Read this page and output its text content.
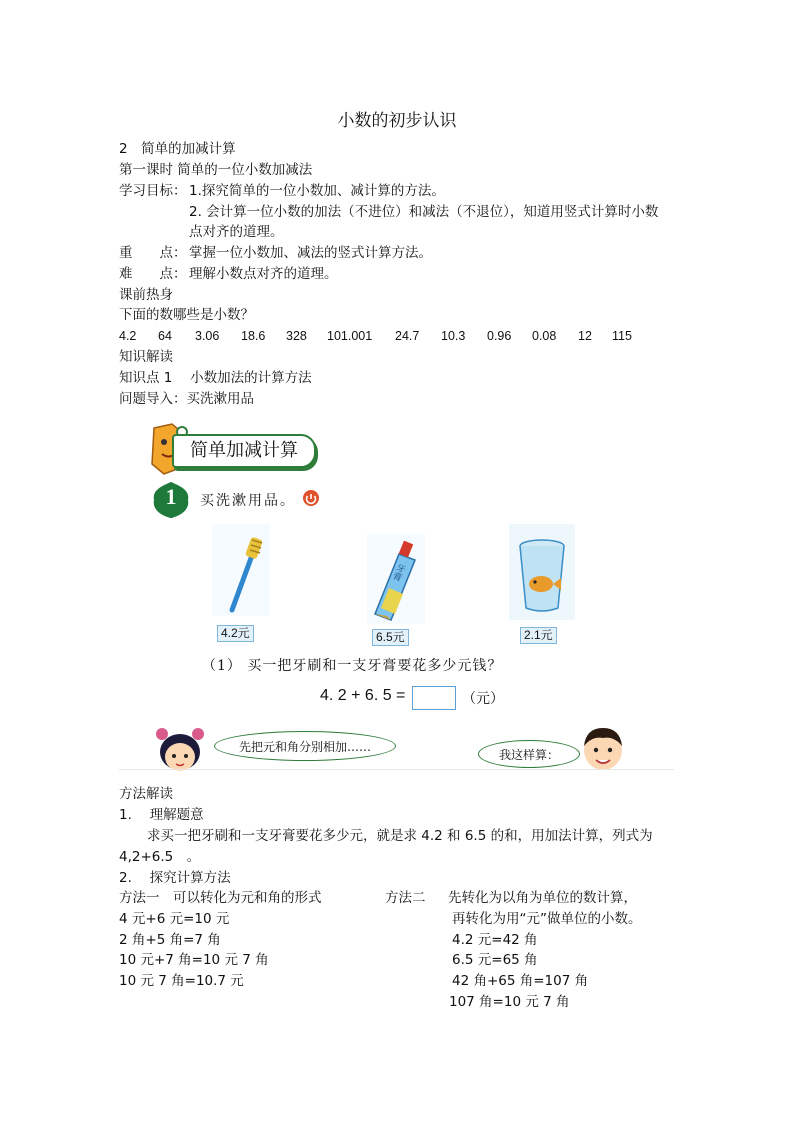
小数的初步认识
2　简单的加减计算
第一课时 简单的一位小数加减法
学习目标： 1.探究简单的一位小数加、减计算的方法。
2. 会计算一位小数的加法（不进位）和减法（不退位），知道用竖式计算时小数
点对齐的道理。
重　　点： 掌握一位小数加、减法的竖式计算方法。
难　　点： 理解小数点对齐的道理。
课前热身
下面的数哪些是小数？
4.2 64 3.06 18.6 328 101.001 24.7 10.3 0.96 0.08 12 115
知识解读
知识点 1　 小数加法的计算方法
问题导入：买洗漱用品
简单加减计算
1 买洗漱用品。
4.2元
牙膏
6.5元	2.1元
（1） 买一把牙刷和一支牙膏要花多少元钱？
4. 2 + 6. 5 =	（元）
先把元和角分别相加……
我这样算：
方法解读
1.　 理解题意
求买一把牙刷和一支牙膏要花多少元，就是求 4.2 和 6.5 的和，用加法计算，列式为
4,2+6.5　。
2.　 探究计算方法
方法一　可以转化为元和角的形式
4 元+6 元=10 元
2 角+5 角=7 角
10 元+7 角=10 元 7 角
10 元 7 角=10.7 元
方法二 先转化为以角为单位的数计算，
再转化为用“元”做单位的小数。
4.2 元=42 角
6.5 元=65 角
42 角+65 角=107 角
107 角=10 元 7 角
